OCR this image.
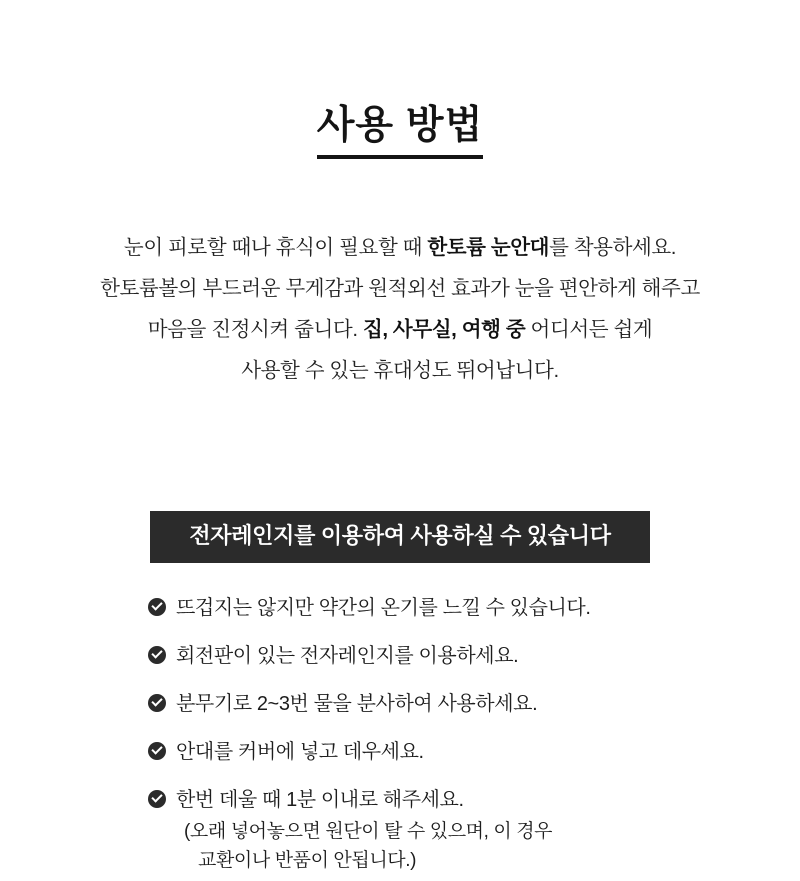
사용 방법
눈이 피로할 때나 휴식이 필요할 때 한토륨 눈안대를 착용하세요.
한토륨볼의 부드러운 무게감과 원적외선 효과가 눈을 편안하게 해주고
마음을 진정시켜 줍니다. 집, 사무실, 여행 중 어디서든 쉽게
사용할 수 있는 휴대성도 뛰어납니다.
전자레인지를 이용하여 사용하실 수 있습니다
뜨겁지는 않지만 약간의 온기를 느낄 수 있습니다.
회전판이 있는 전자레인지를 이용하세요.
분무기로 2~3번 물을 분사하여 사용하세요.
안대를 커버에 넣고 데우세요.
한번 데울 때 1분 이내로 해주세요.
(오래 넣어놓으면 원단이 탈 수 있으며, 이 경우
교환이나 반품이 안됩니다.)
